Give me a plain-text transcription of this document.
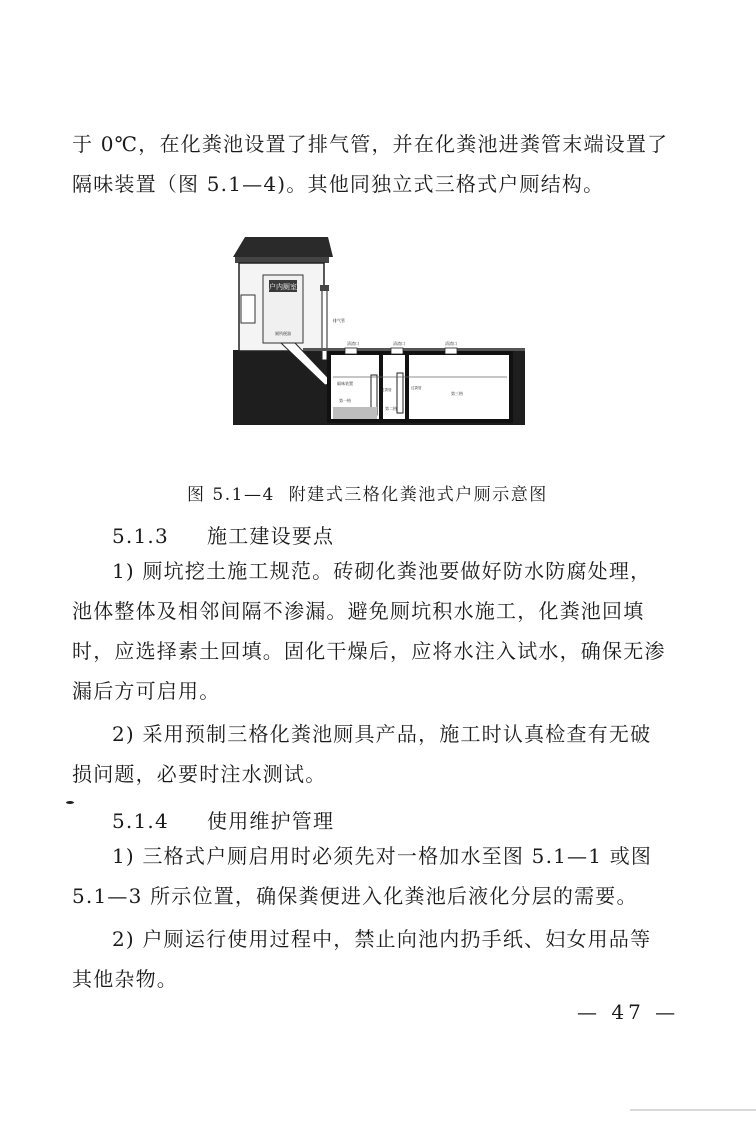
于 0℃，在化粪池设置了排气管，并在化粪池进粪管末端设置了
隔味装置（图 5.1—4)。其他同独立式三格式户厕结构。
户内厕室
厕所便器
排气管
清渣口	清渣口	清渣口
隔味装置
第一格
第二格
第三格
过粪管	过粪管
图 5.1—4 附建式三格化粪池式户厕示意图
5.1.3 施工建设要点
1) 厕坑挖土施工规范。砖砌化粪池要做好防水防腐处理，
池体整体及相邻间隔不渗漏。避免厕坑积水施工，化粪池回填
时，应选择素土回填。固化干燥后，应将水注入试水，确保无渗
漏后方可启用。
2) 采用预制三格化粪池厕具产品，施工时认真检查有无破
损问题，必要时注水测试。
5.1.4 使用维护管理
1) 三格式户厕启用时必须先对一格加水至图 5.1—1 或图
5.1—3 所示位置，确保粪便进入化粪池后液化分层的需要。
2) 户厕运行使用过程中，禁止向池内扔手纸、妇女用品等
其他杂物。
— 47 —
